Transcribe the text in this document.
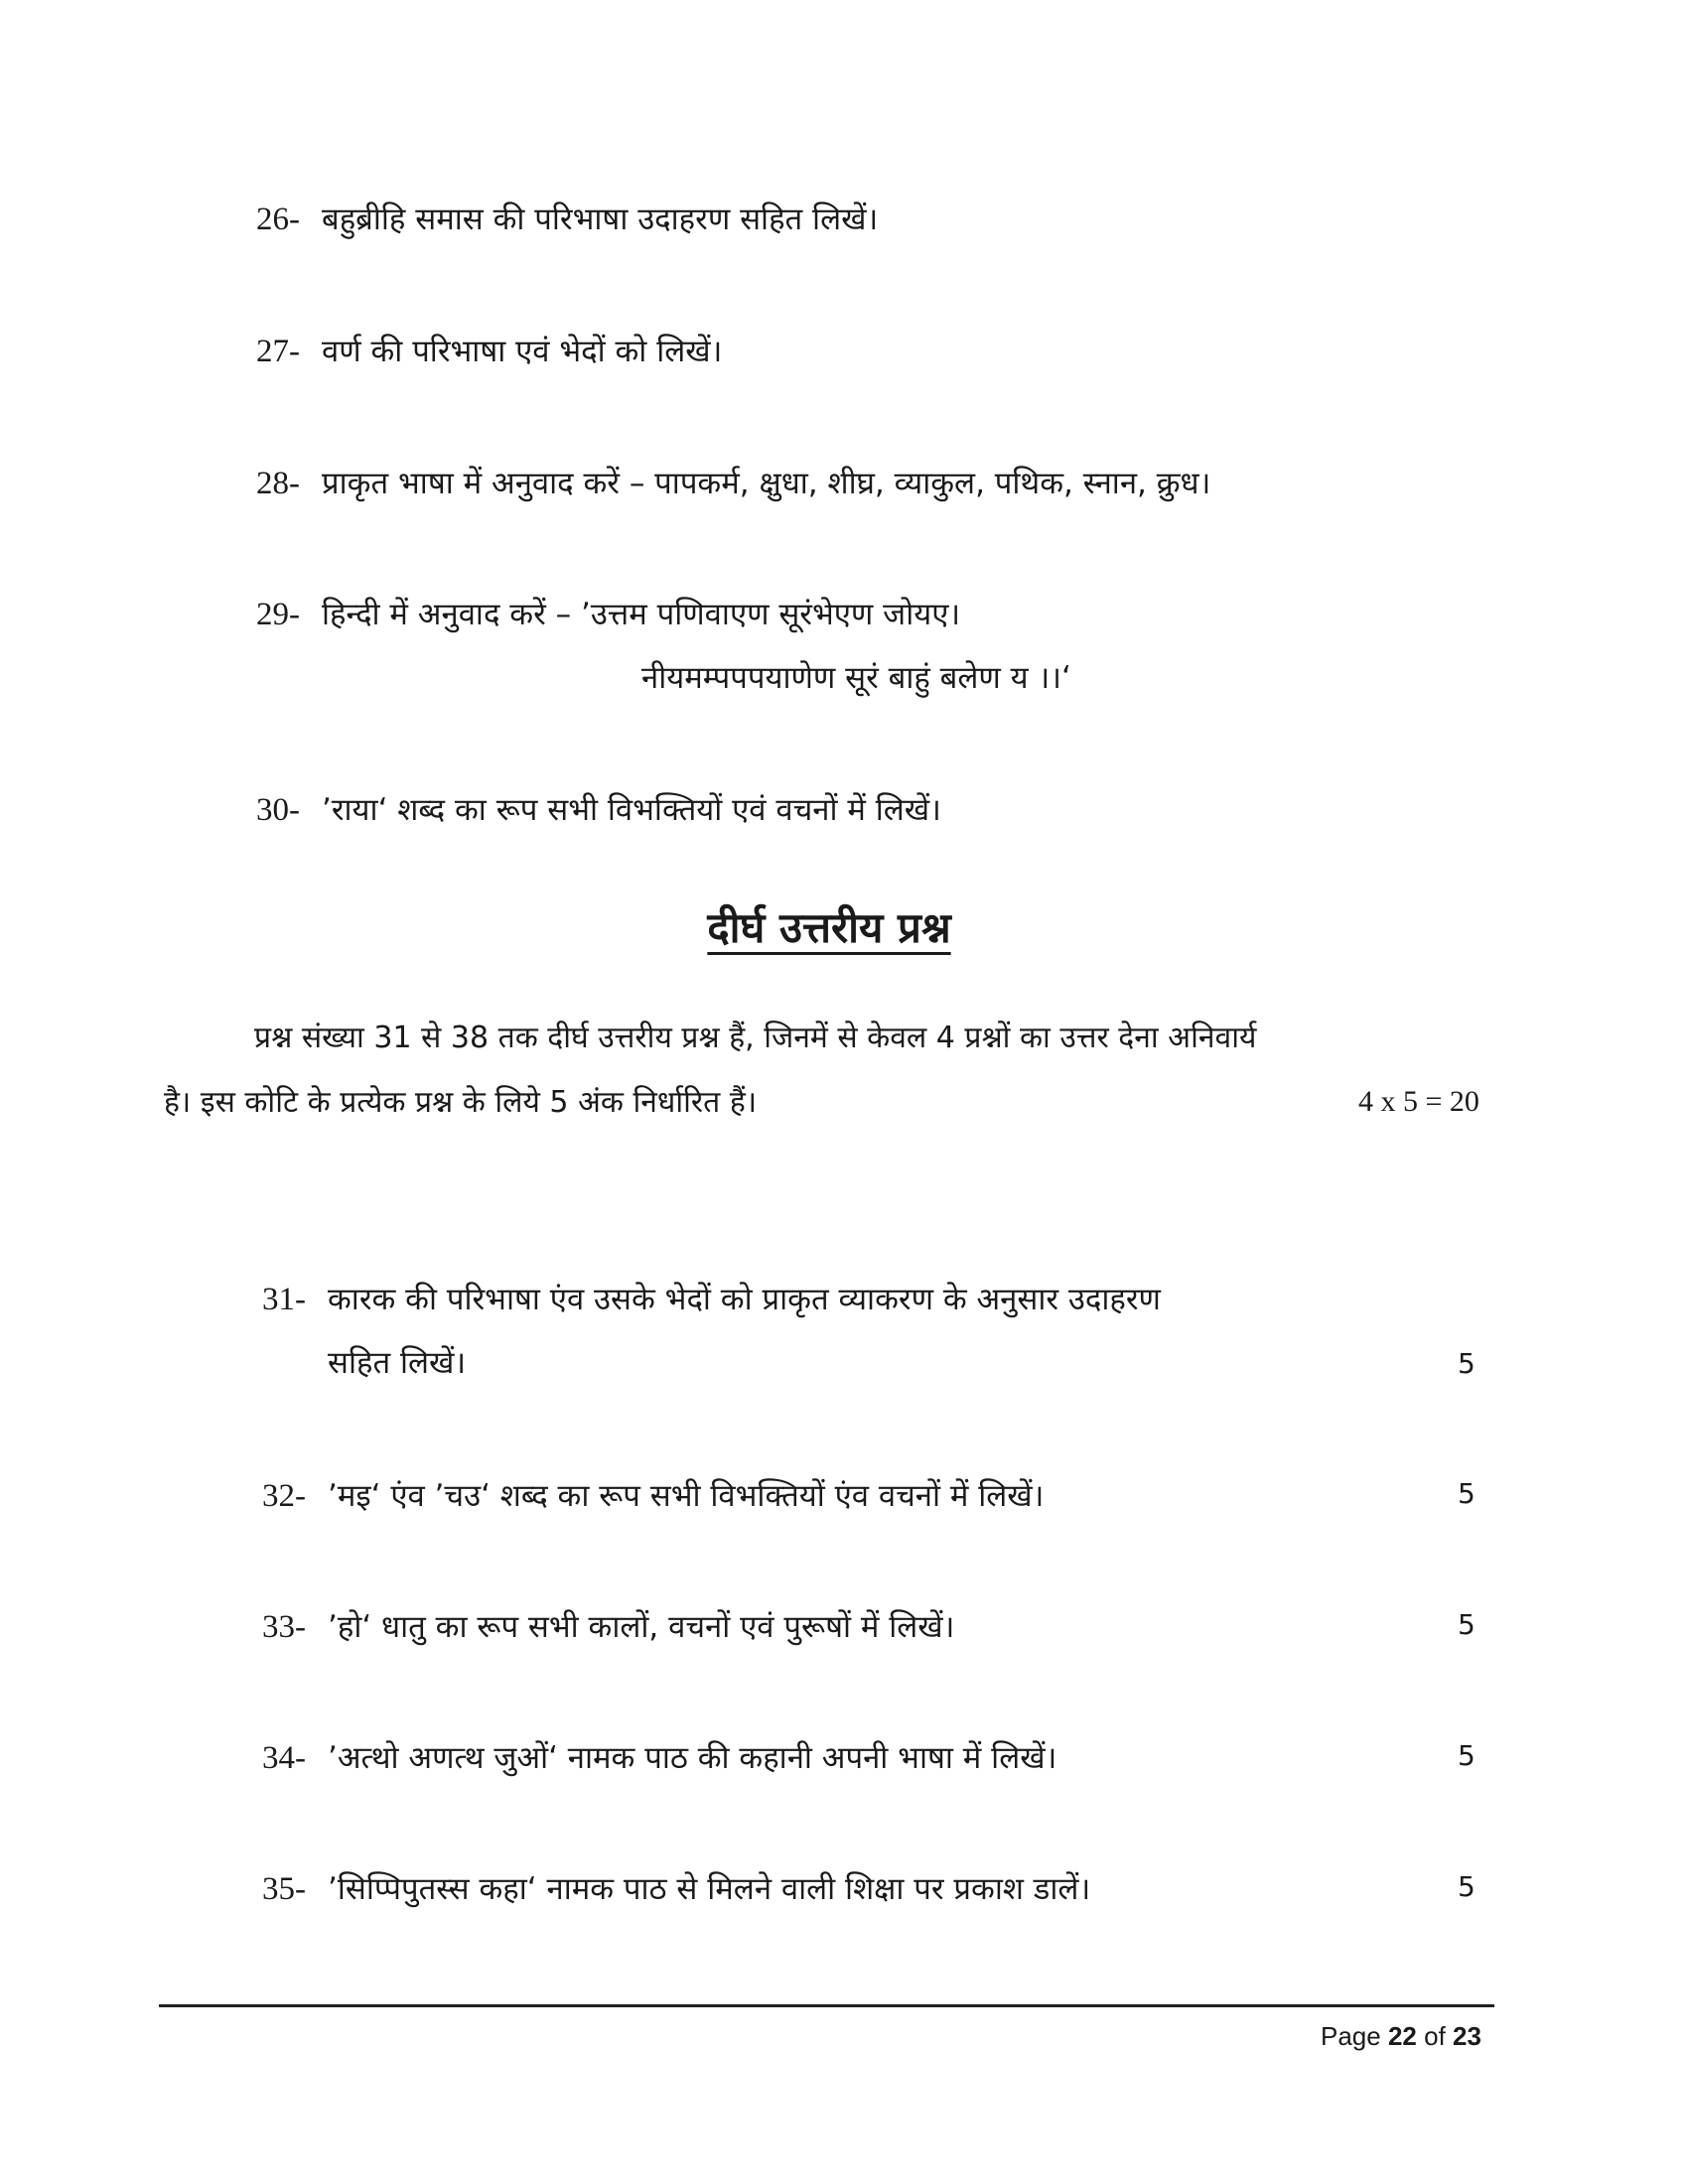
26- बहुब्रीहि समास की परिभाषा उदाहरण सहित लिखें।
27- वर्ण की परिभाषा एवं भेदों को लिखें।
28- प्राकृत भाषा में अनुवाद करें – पापकर्म, क्षुधा, शीघ्र, व्याकुल, पथिक, स्नान, क्रुध।
29- हिन्दी में अनुवाद करें – ’उत्तम पणिवाएण सूरंभेएण जोयए।
नीयमम्पपपयाणेण सूरं बाहुं बलेण य ।।‘
30- ’राया‘ शब्द का रूप सभी विभक्तियों एवं वचनों में लिखें।
दीर्घ उत्तरीय प्रश्न
प्रश्न संख्या 31 से 38 तक दीर्घ उत्तरीय प्रश्न हैं, जिनमें से केवल 4 प्रश्नों का उत्तर देना अनिवार्य
है। इस कोटि के प्रत्येक प्रश्न के लिये 5 अंक निर्धारित हैं।	4 x 5 = 20
31- कारक की परिभाषा एंव उसके भेदों को प्राकृत व्याकरण के अनुसार उदाहरण
सहित लिखें।	5
32- ’मइ‘ एंव ’चउ‘ शब्द का रूप सभी विभक्तियों एंव वचनों में लिखें।	5
33- ’हो‘ धातु का रूप सभी कालों, वचनों एवं पुरूषों में लिखें।	5
34- ’अत्थो अणत्थ जुओं‘ नामक पाठ की कहानी अपनी भाषा में लिखें।	5
35- ’सिप्पिपुतस्स कहा‘ नामक पाठ से मिलने वाली शिक्षा पर प्रकाश डालें।	5
Page 22 of 23
